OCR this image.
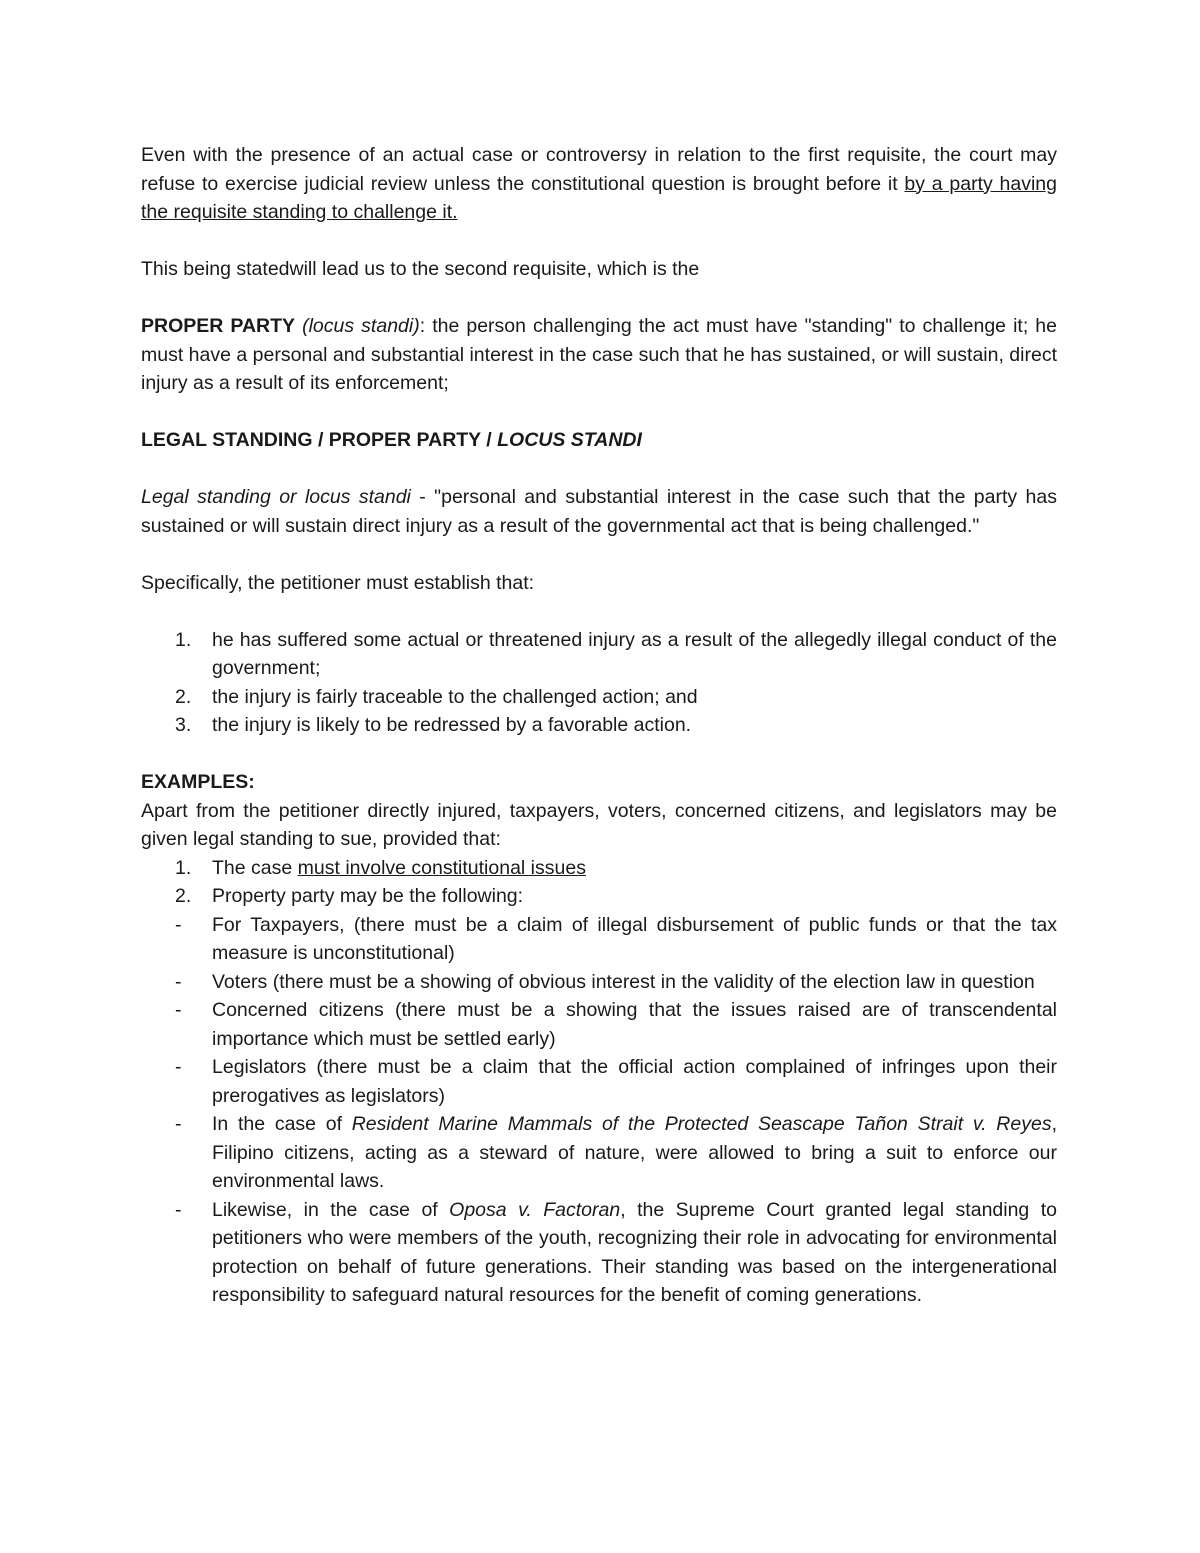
Even with the presence of an actual case or controversy in relation to the first requisite, the court may refuse to exercise judicial review unless the constitutional question is brought before it by a party having the requisite standing to challenge it.

This being statedwill lead us to the second requisite, which is the

PROPER PARTY (locus standi): the person challenging the act must have "standing" to challenge it; he must have a personal and substantial interest in the case such that he has sustained, or will sustain, direct injury as a result of its enforcement;

LEGAL STANDING / PROPER PARTY / LOCUS STANDI

Legal standing or locus standi - "personal and substantial interest in the case such that the party has sustained or will sustain direct injury as a result of the governmental act that is being challenged."

Specifically, the petitioner must establish that:

1. he has suffered some actual or threatened injury as a result of the allegedly illegal conduct of the government;
2. the injury is fairly traceable to the challenged action; and
3. the injury is likely to be redressed by a favorable action.

EXAMPLES:

Apart from the petitioner directly injured, taxpayers, voters, concerned citizens, and legislators may be given legal standing to sue, provided that:

1. The case must involve constitutional issues
2. Property party may be the following:
- For Taxpayers, (there must be a claim of illegal disbursement of public funds or that the tax measure is unconstitutional)
- Voters (there must be a showing of obvious interest in the validity of the election law in question
- Concerned citizens (there must be a showing that the issues raised are of transcendental importance which must be settled early)
- Legislators (there must be a claim that the official action complained of infringes upon their prerogatives as legislators)
- In the case of Resident Marine Mammals of the Protected Seascape Tañon Strait v. Reyes, Filipino citizens, acting as a steward of nature, were allowed to bring a suit to enforce our environmental laws.
- Likewise, in the case of Oposa v. Factoran, the Supreme Court granted legal standing to petitioners who were members of the youth, recognizing their role in advocating for environmental protection on behalf of future generations. Their standing was based on the intergenerational responsibility to safeguard natural resources for the benefit of coming generations.
